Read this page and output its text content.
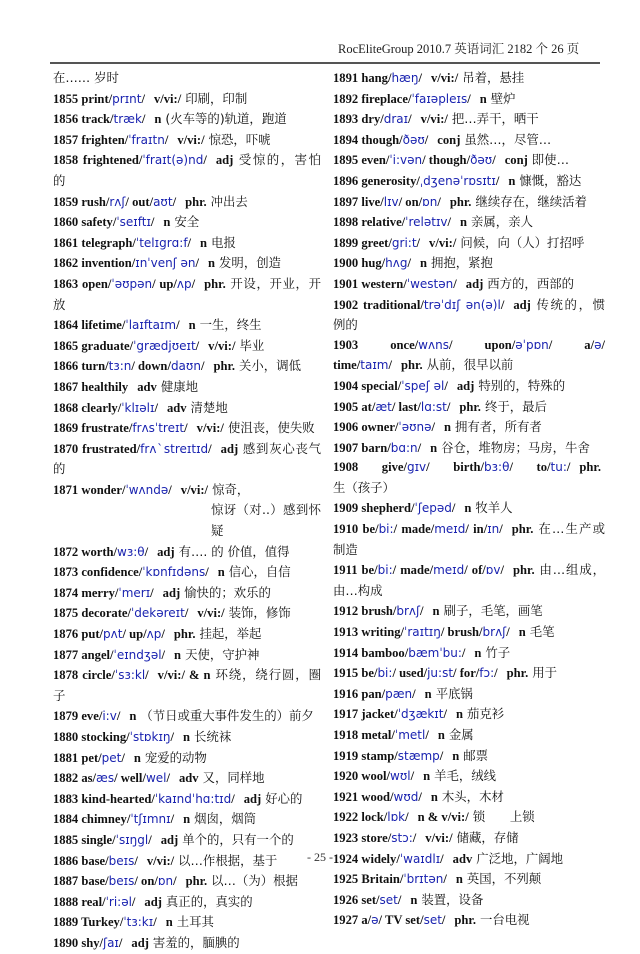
RocEliteGroup 2010.7 英语词汇 2182 个 26 页
在…… 岁时
1855 print/prɪnt/ v/vi:/ 印刷，印制
1856 track/træk/ n (火车等的)轨道，跑道
1857 frighten/ˈfraɪtn/ v/vi:/ 惊恐，吓唬
1858 frightened/ˈfraɪt(ə)nd/ adj 受惊的，害怕的
1859 rush/rʌʃ/ out/aʊt/ phr. 冲出去
1860 safety/ˈseɪftɪ/ n 安全
1861 telegraph/ˈtelɪgrɑ:f/ n 电报
1862 invention/ɪnˈvenʃ ən/ n 发明，创造
1863 open/ˈəʊpən/ up/ʌp/ phr. 开设，开业，开放
1864 lifetime/ˈlaɪftaɪm/ n 一生，终生
1865 graduate/ˈgrædjʊeɪt/ v/vi:/ 毕业
1866 turn/tɜ:n/ down/daʊn/ phr. 关小，调低
1867 healthily adv 健康地
1868 clearly/ˈklɪəlɪ/ adv 清楚地
1869 frustrate/frʌsˈtreɪt/ v/vi:/ 使沮丧，使失败
1870 frustrated/frʌˋstreɪtɪd/ adj 感到灰心丧气的
1871 wonder/ˈwʌndə/ v/vi:/ 惊奇，
惊讶（对..）感到怀疑
1872 worth/wɜ:θ/ adj 有…. 的 价值，值得
1873 confidence/ˈkɒnfɪdəns/ n 信心，自信
1874 merry/ˈmerɪ/ adj 愉快的；欢乐的
1875 decorate/ˈdekəreɪt/ v/vi:/ 装饰，修饰
1876 put/pʌt/ up/ʌp/ phr. 挂起，举起
1877 angel/ˈeɪndʒəl/ n 天使，守护神
1878 circle/ˈsɜ:kl/ v/vi:/ & n 环绕，绕行圆，圈子
1879 eve/i:v/ n （节日或重大事件发生的）前夕
1880 stocking/ˈstɒkɪŋ/ n 长统袜
1881 pet/pet/ n 宠爱的动物
1882 as/æs/ well/wel/ adv 又，同样地
1883 kind-hearted/ˈkaɪndˈhɑ:tɪd/ adj 好心的
1884 chimney/ˈtʃɪmnɪ/ n 烟囱，烟筒
1885 single/ˈsɪŋgl/ adj 单个的，只有一个的
1886 base/beɪs/ v/vi:/ 以…作根据，基于
1887 base/beɪs/ on/ɒn/ phr. 以…（为）根据
1888 real/ˈri:əl/ adj 真正的，真实的
1889 Turkey/ˈtɜ:kɪ/ n 土耳其
1890 shy/ʃaɪ/ adj 害羞的，腼腆的
1891 hang/hæŋ/ v/vi:/ 吊着，悬挂
1892 fireplace/ˈfaɪəpleɪs/ n 壁炉
1893 dry/draɪ/ v/vi:/ 把…弄干，晒干
1894 though/ðəʊ/ conj 虽然…，尽管…
1895 even/ˈi:vən/ though/ðəʊ/ conj 即使…
1896 generosity/ˌdʒenəˈrɒsɪtɪ/ n 慷慨，豁达
1897 live/lɪv/ on/ɒn/ phr. 继续存在，继续活着
1898 relative/ˈrelətɪv/ n 亲属，亲人
1899 greet/gri:t/ v/vi:/ 问候，向（人）打招呼
1900 hug/hʌg/ n 拥抱，紧抱
1901 western/ˈwestən/ adj 西方的，西部的
1902 traditional/trəˈdɪʃ ən(ə)l/ adj 传统的，惯例的
1903 once/wʌns/	upon/əˈpɒn/	a/ə/ time/taɪm/ phr. 从前，很早以前
1904 special/ˈspeʃ əl/ adj 特别的，特殊的
1905 at/æt/ last/lɑ:st/ phr. 终于，最后
1906 owner/ˈəʊnə/ n 拥有者，所有者
1907 barn/bɑ:n/ n 谷仓，堆物房；马房，牛舍
1908 give/gɪv/ birth/bɜ:θ/ to/tu:/ phr.生（孩子）
1909 shepherd/ˈʃepəd/ n 牧羊人
1910 be/bi:/ made/meɪd/ in/ɪn/ phr. 在…生产或制造
1911 be/bi:/ made/meɪd/ of/ɒv/ phr. 由…组成，由…构成
1912 brush/brʌʃ/ n 刷子，毛笔，画笔
1913 writing/ˈraɪtɪŋ/ brush/brʌʃ/ n 毛笔
1914 bamboo/bæmˈbu:/ n 竹子
1915 be/bi:/ used/ju:st/ for/fɔ:/ phr. 用于
1916 pan/pæn/ n 平底锅
1917 jacket/ˈdʒækɪt/ n 茄克衫
1918 metal/ˈmetl/ n 金属
1919 stamp/stæmp/ n 邮票
1920 wool/wʊl/ n 羊毛，绒线
1921 wood/wʊd/ n 木头，木材
1922 lock/lɒk/ n & v/vi:/ 锁　　上锁
1923 store/stɔ:/ v/vi:/ 储藏，存储
1924 widely/ˈwaɪdlɪ/ adv 广泛地，广阔地
1925 Britain/ˈbrɪtən/ n 英国，不列颠
1926 set/set/ n 装置，设备
1927 a/ə/ TV set/set/ phr. 一台电视
- 25 -
